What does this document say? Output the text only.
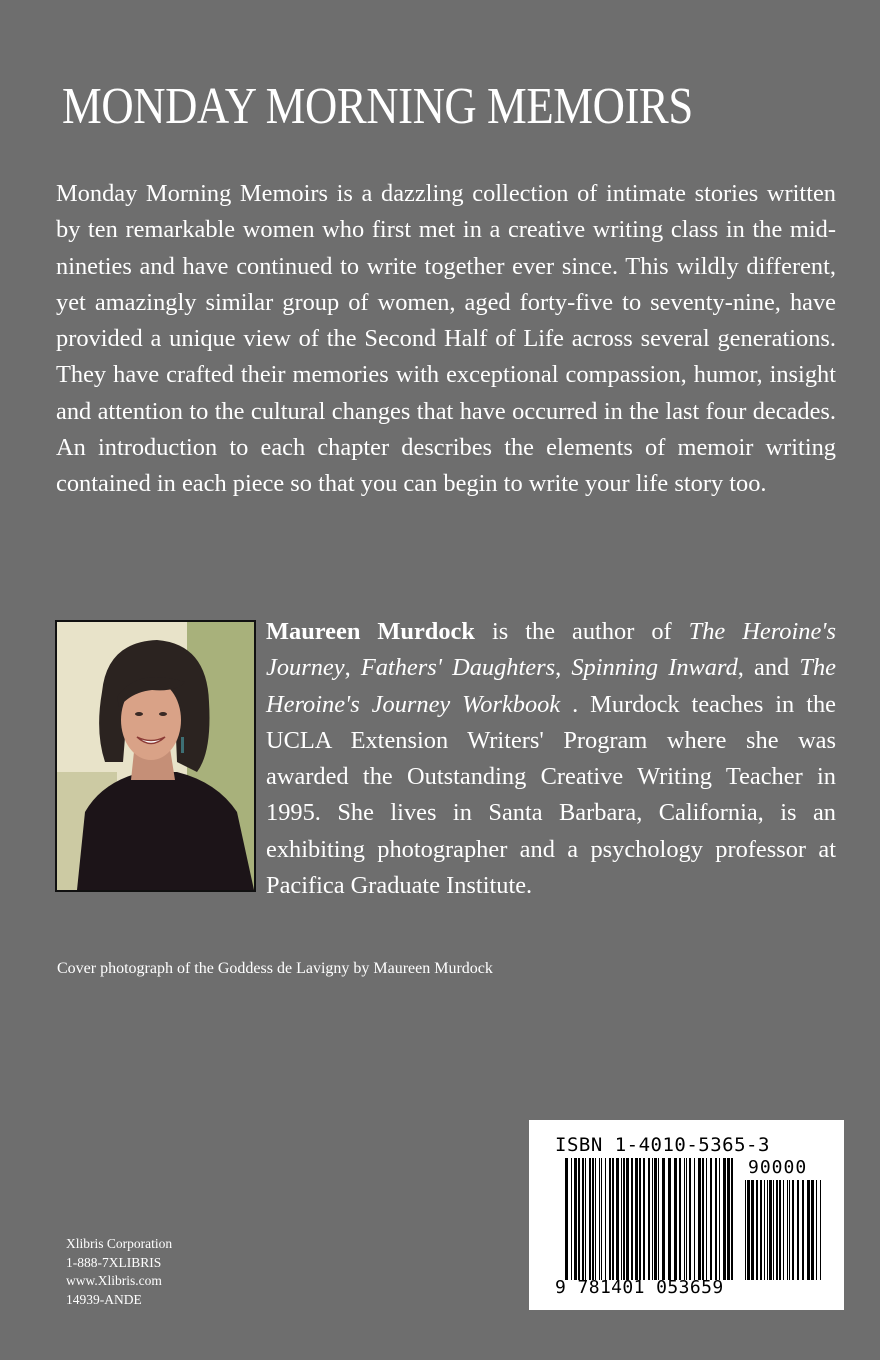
MONDAY MORNING MEMOIRS

Monday Morning Memoirs is a dazzling collection of intimate stories written by ten remarkable women who first met in a creative writing class in the mid-nineties and have continued to write together ever since. This wildly different, yet amazingly similar group of women, aged forty-five to seventy-nine, have provided a unique view of the Second Half of Life across several generations. They have crafted their memories with exceptional compassion, humor, insight and attention to the cultural changes that have occurred in the last four decades. An introduction to each chapter describes the elements of memoir writing contained in each piece so that you can begin to write your life story too.

Maureen Murdock is the author of The Heroine's Journey, Fathers' Daughters, Spinning Inward, and The Heroine's Journey Workbook . Murdock teaches in the UCLA Extension Writers' Program where she was awarded the Outstanding Creative Writing Teacher in 1995. She lives in Santa Barbara, California, is an exhibiting photographer and a psychology professor at Pacifica Graduate Institute.

Cover photograph of the Goddess de Lavigny by Maureen Murdock
Xlibris Corporation
1-888-7XLIBRIS
www.Xlibris.com
14939-ANDE
ISBN 1-4010-5365-3
90000
9 781401 053659
